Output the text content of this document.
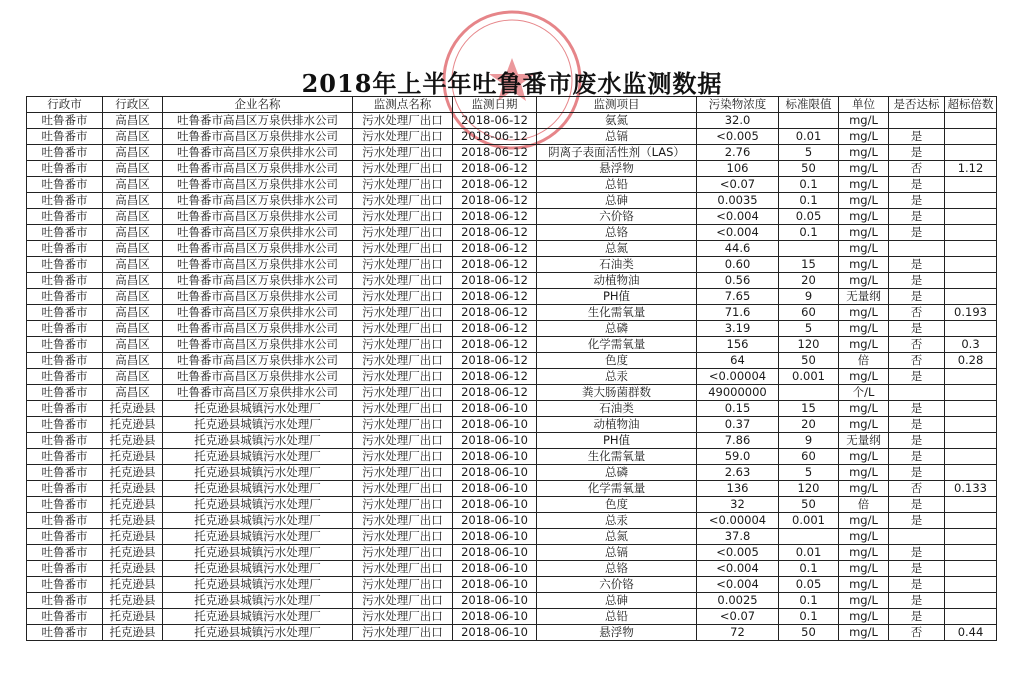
2018年上半年吐鲁番市废水监测数据
行政市	行政区	企业名称	监测点名称	监测日期	监测项目	污染物浓度	标准限值	单位	是否达标	超标倍数
吐鲁番市	高昌区	吐鲁番市高昌区万泉供排水公司	污水处理厂出口	2018-06-12	氨氮	32.0		mg/L		
吐鲁番市	高昌区	吐鲁番市高昌区万泉供排水公司	污水处理厂出口	2018-06-12	总镉	<0.005	0.01	mg/L	是	
吐鲁番市	高昌区	吐鲁番市高昌区万泉供排水公司	污水处理厂出口	2018-06-12	阴离子表面活性剂（LAS）	2.76	5	mg/L	是	
吐鲁番市	高昌区	吐鲁番市高昌区万泉供排水公司	污水处理厂出口	2018-06-12	悬浮物	106	50	mg/L	否	1.12
吐鲁番市	高昌区	吐鲁番市高昌区万泉供排水公司	污水处理厂出口	2018-06-12	总铅	<0.07	0.1	mg/L	是	
吐鲁番市	高昌区	吐鲁番市高昌区万泉供排水公司	污水处理厂出口	2018-06-12	总砷	0.0035	0.1	mg/L	是	
吐鲁番市	高昌区	吐鲁番市高昌区万泉供排水公司	污水处理厂出口	2018-06-12	六价铬	<0.004	0.05	mg/L	是	
吐鲁番市	高昌区	吐鲁番市高昌区万泉供排水公司	污水处理厂出口	2018-06-12	总铬	<0.004	0.1	mg/L	是	
吐鲁番市	高昌区	吐鲁番市高昌区万泉供排水公司	污水处理厂出口	2018-06-12	总氮	44.6		mg/L		
吐鲁番市	高昌区	吐鲁番市高昌区万泉供排水公司	污水处理厂出口	2018-06-12	石油类	0.60	15	mg/L	是	
吐鲁番市	高昌区	吐鲁番市高昌区万泉供排水公司	污水处理厂出口	2018-06-12	动植物油	0.56	20	mg/L	是	
吐鲁番市	高昌区	吐鲁番市高昌区万泉供排水公司	污水处理厂出口	2018-06-12	PH值	7.65	9	无量纲	是	
吐鲁番市	高昌区	吐鲁番市高昌区万泉供排水公司	污水处理厂出口	2018-06-12	生化需氧量	71.6	60	mg/L	否	0.193
吐鲁番市	高昌区	吐鲁番市高昌区万泉供排水公司	污水处理厂出口	2018-06-12	总磷	3.19	5	mg/L	是	
吐鲁番市	高昌区	吐鲁番市高昌区万泉供排水公司	污水处理厂出口	2018-06-12	化学需氧量	156	120	mg/L	否	0.3
吐鲁番市	高昌区	吐鲁番市高昌区万泉供排水公司	污水处理厂出口	2018-06-12	色度	64	50	倍	否	0.28
吐鲁番市	高昌区	吐鲁番市高昌区万泉供排水公司	污水处理厂出口	2018-06-12	总汞	<0.00004	0.001	mg/L	是	
吐鲁番市	高昌区	吐鲁番市高昌区万泉供排水公司	污水处理厂出口	2018-06-12	粪大肠菌群数	49000000		个/L		
吐鲁番市	托克逊县	托克逊县城镇污水处理厂	污水处理厂出口	2018-06-10	石油类	0.15	15	mg/L	是	
吐鲁番市	托克逊县	托克逊县城镇污水处理厂	污水处理厂出口	2018-06-10	动植物油	0.37	20	mg/L	是	
吐鲁番市	托克逊县	托克逊县城镇污水处理厂	污水处理厂出口	2018-06-10	PH值	7.86	9	无量纲	是	
吐鲁番市	托克逊县	托克逊县城镇污水处理厂	污水处理厂出口	2018-06-10	生化需氧量	59.0	60	mg/L	是	
吐鲁番市	托克逊县	托克逊县城镇污水处理厂	污水处理厂出口	2018-06-10	总磷	2.63	5	mg/L	是	
吐鲁番市	托克逊县	托克逊县城镇污水处理厂	污水处理厂出口	2018-06-10	化学需氧量	136	120	mg/L	否	0.133
吐鲁番市	托克逊县	托克逊县城镇污水处理厂	污水处理厂出口	2018-06-10	色度	32	50	倍	是	
吐鲁番市	托克逊县	托克逊县城镇污水处理厂	污水处理厂出口	2018-06-10	总汞	<0.00004	0.001	mg/L	是	
吐鲁番市	托克逊县	托克逊县城镇污水处理厂	污水处理厂出口	2018-06-10	总氮	37.8		mg/L		
吐鲁番市	托克逊县	托克逊县城镇污水处理厂	污水处理厂出口	2018-06-10	总镉	<0.005	0.01	mg/L	是	
吐鲁番市	托克逊县	托克逊县城镇污水处理厂	污水处理厂出口	2018-06-10	总铬	<0.004	0.1	mg/L	是	
吐鲁番市	托克逊县	托克逊县城镇污水处理厂	污水处理厂出口	2018-06-10	六价铬	<0.004	0.05	mg/L	是	
吐鲁番市	托克逊县	托克逊县城镇污水处理厂	污水处理厂出口	2018-06-10	总砷	0.0025	0.1	mg/L	是	
吐鲁番市	托克逊县	托克逊县城镇污水处理厂	污水处理厂出口	2018-06-10	总铅	<0.07	0.1	mg/L	是	
吐鲁番市	托克逊县	托克逊县城镇污水处理厂	污水处理厂出口	2018-06-10	悬浮物	72	50	mg/L	否	0.44
